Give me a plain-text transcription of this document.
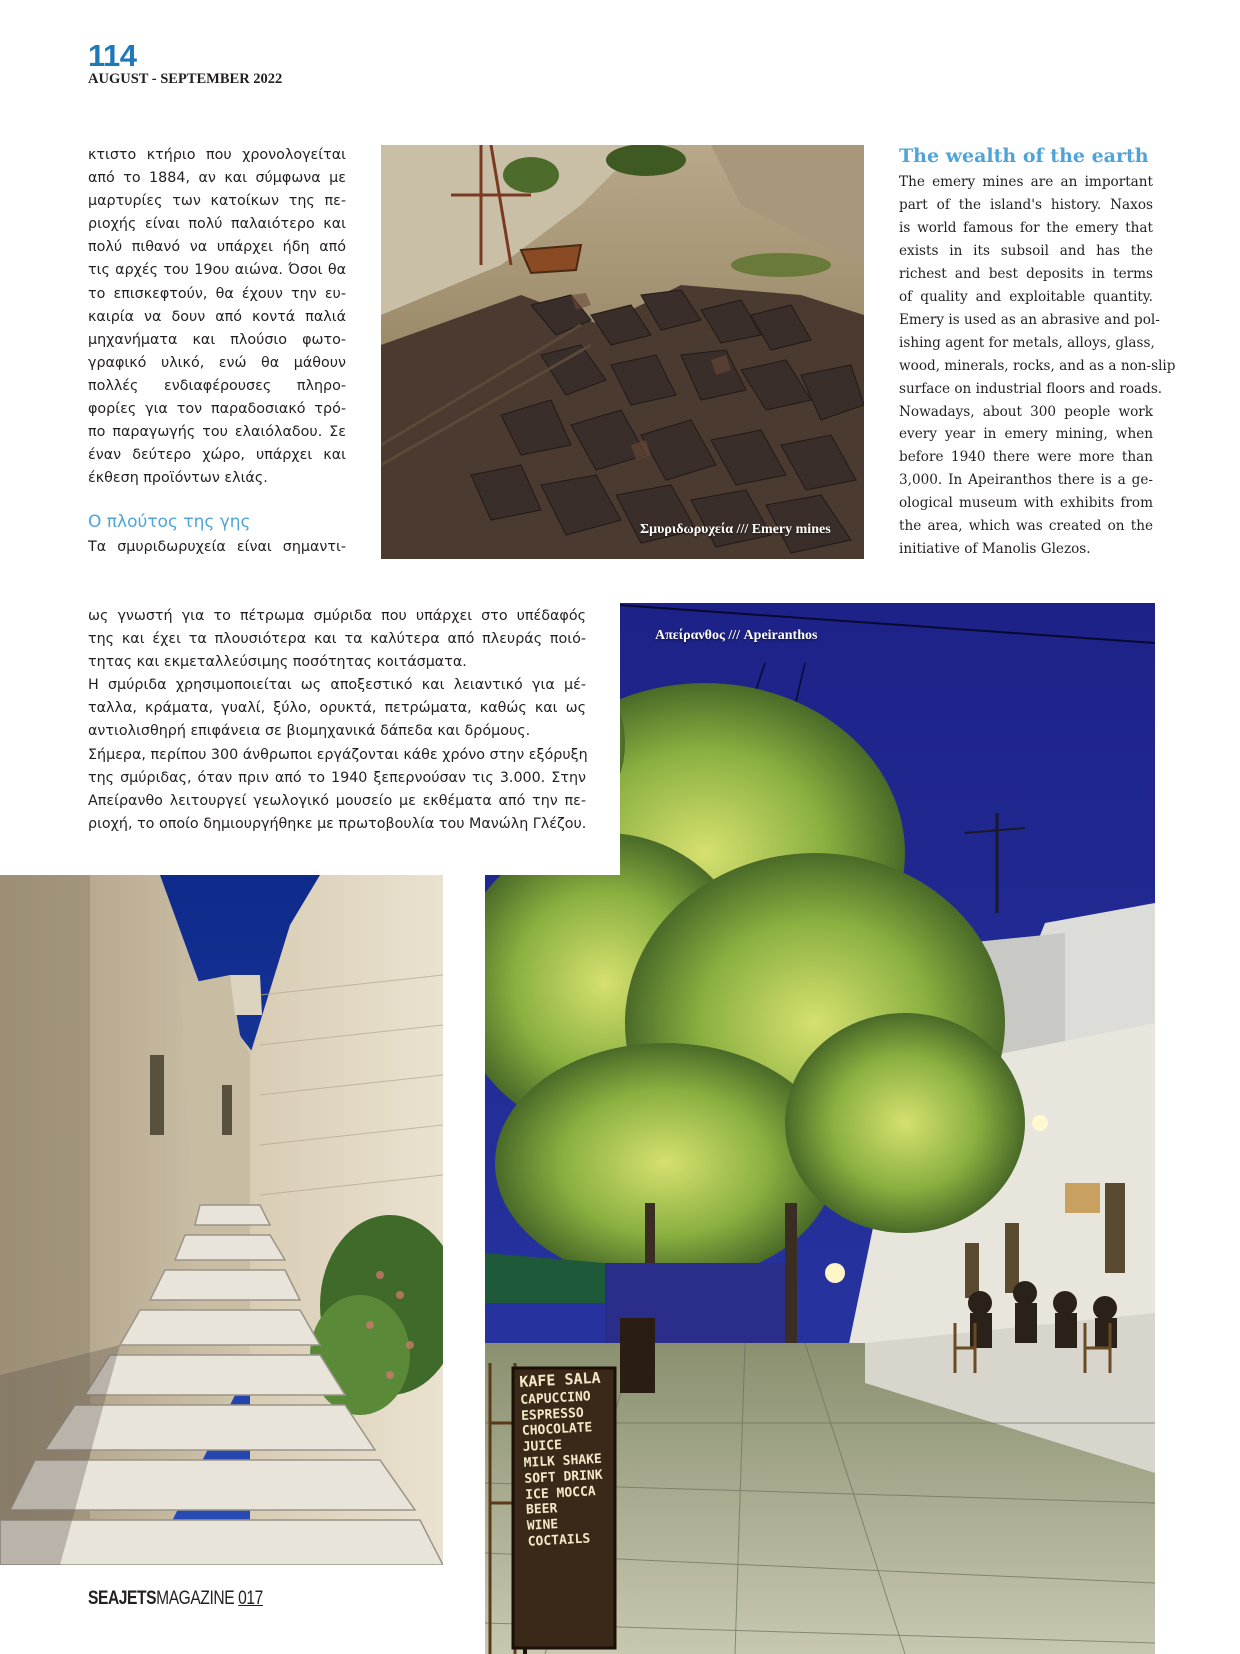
114
AUGUST - SEPTEMBER 2022
κτιστο κτήριο που χρονολογείται
από το 1884, αν και σύμφωνα με
μαρτυρίες των κατοίκων της πε-
ριοχής είναι πολύ παλαιότερο και
πολύ πιθανό να υπάρχει ήδη από
τις αρχές του 19ου αιώνα. Όσοι θα
το επισκεφτούν, θα έχουν την ευ-
καιρία να δουν από κοντά παλιά
μηχανήματα και πλούσιο φωτο-
γραφικό υλικό, ενώ θα μάθουν
πολλές ενδιαφέρουσες πληρο-
φορίες για τον παραδοσιακό τρό-
πο παραγωγής του ελαιόλαδου. Σε
έναν δεύτερο χώρο, υπάρχει και
έκθεση προϊόντων ελιάς.
Ο πλούτος της γης
Τα σμυριδωρυχεία είναι σημαντι-
The wealth of the earth
The emery mines are an important
part of the island's history. Naxos
is world famous for the emery that
exists in its subsoil and has the
richest and best deposits in terms
of quality and exploitable quantity.
Emery is used as an abrasive and pol-
ishing agent for metals, alloys, glass,
wood, minerals, rocks, and as a non-slip
surface on industrial floors and roads.
Nowadays, about 300 people work
every year in emery mining, when
before 1940 there were more than
3,000. In Apeiranthos there is a ge-
ological museum with exhibits from
the area, which was created on the
initiative of Manolis Glezos.
Σμυριδωρυχεία /// Emery mines
KAFE SALA
CAPUCCINO
ESPRESSO
CHOCOLATE
JUICE
MILK SHAKE
SOFT DRINK
ICE MOCCA
BEER
WINE
COCTAILS
Απείρανθος /// Apeiranthos
ως γνωστή για το πέτρωμα σμύριδα που υπάρχει στο υπέδαφός
της και έχει τα πλουσιότερα και τα καλύτερα από πλευράς ποιό-
τητας και εκμεταλλεύσιμης ποσότητας κοιτάσματα.
Η σμύριδα χρησιμοποιείται ως αποξεστικό και λειαντικό για μέ-
ταλλα, κράματα, γυαλί, ξύλο, ορυκτά, πετρώματα, καθώς και ως
αντιολισθηρή επιφάνεια σε βιομηχανικά δάπεδα και δρόμους.
Σήμερα, περίπου 300 άνθρωποι εργάζονται κάθε χρόνο στην εξόρυξη
της σμύριδας, όταν πριν από το 1940 ξεπερνούσαν τις 3.000. Στην
Απείρανθο λειτουργεί γεωλογικό μουσείο με εκθέματα από την πε-
ριοχή, το οποίο δημιουργήθηκε με πρωτοβουλία του Μανώλη Γλέζου.
SEAJETSMAGAZINE 017
